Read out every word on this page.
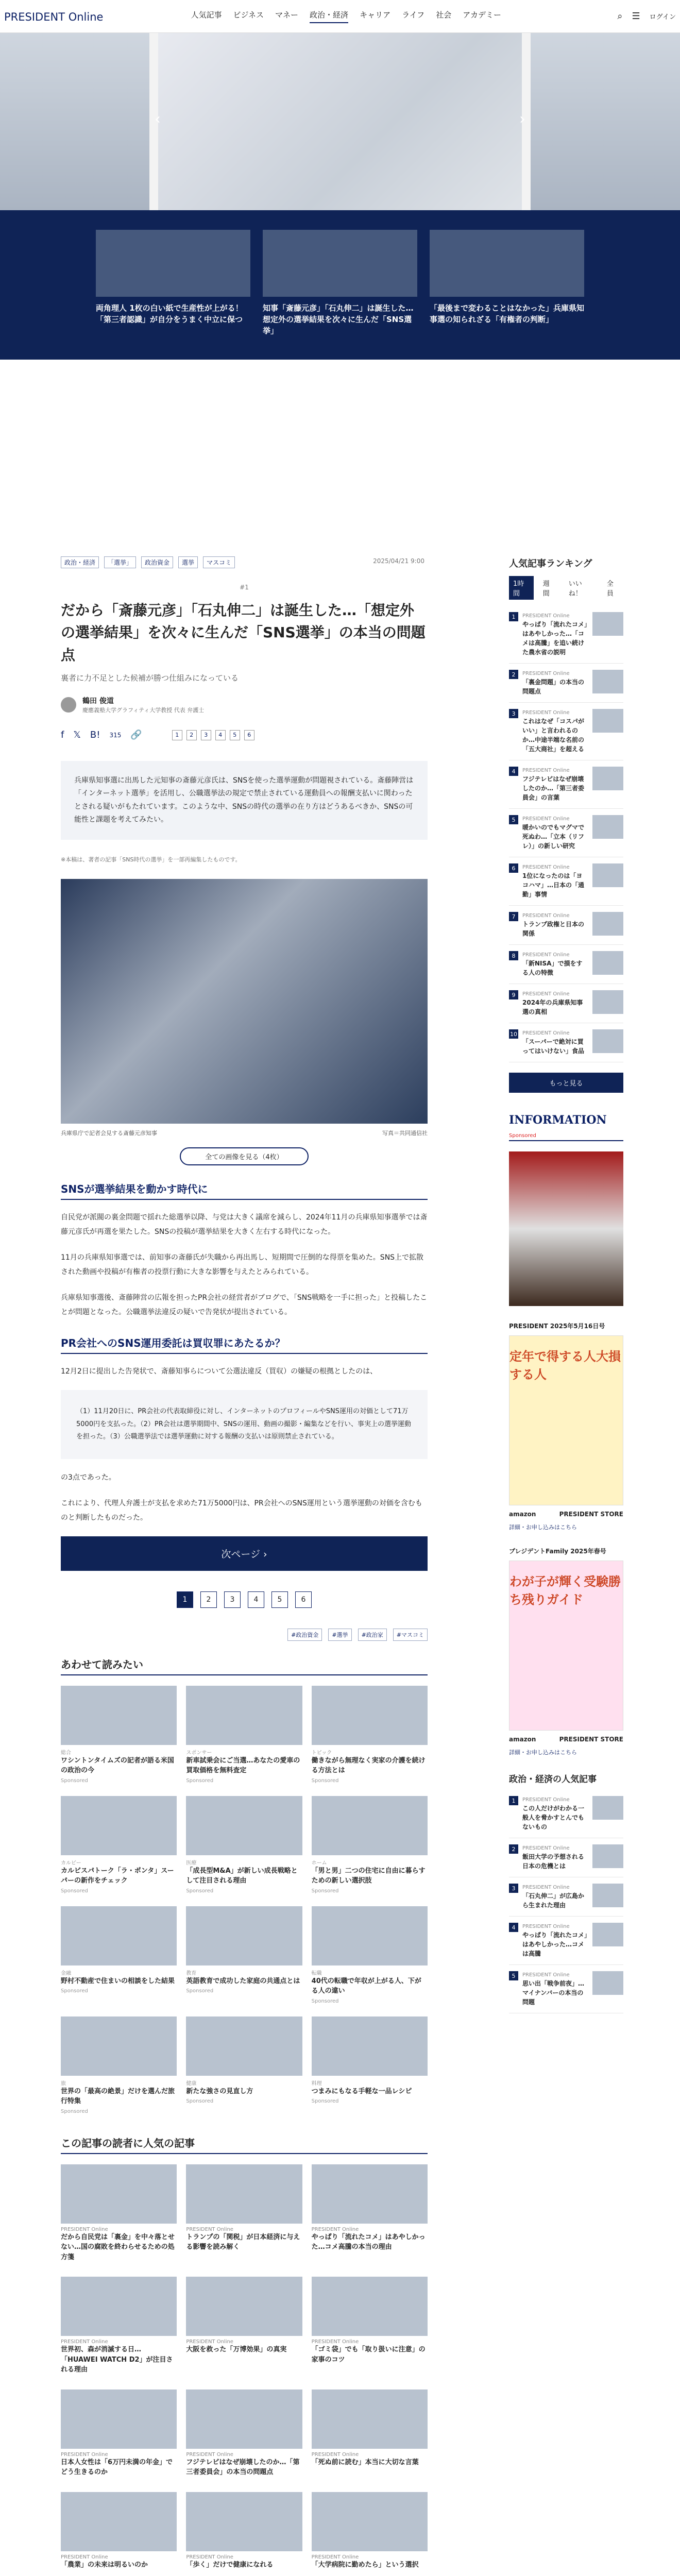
PRESIDENT Online	人気記事 ビジネス マネー 政治・経済 キャリア ライフ 社会 アカデミー	⌕ ☰ ログイン
‹	›
両角理人 1枚の白い紙で生産性が上がる！「第三者認識」が自分をうまく中立に保つ
知事「斎藤元彦」「石丸伸二」は誕生した…想定外の選挙結果を次々に生んだ「SNS選挙」
「最後まで変わることはなかった」兵庫県知事選の知られざる「有権者の判断」
政治・経済	「選挙」	政治資金	選挙	マスコミ	2025/04/21 9:00
#1
だから「斎藤元彦」「石丸伸二」は誕生した…「想定外の選挙結果」を次々に生んだ「SNS選挙」の本当の問題点
裏者に力不足とした候補が勝つ仕組みになっている
鶴田 俊道
慶應義塾大学グラフィティ大学教授 代表 弁護士
f 𝕏 B! 315 🔗	1	2	3	4	5	6
兵庫県知事選に出馬した元知事の斎藤元彦氏は、SNSを使った選挙運動が問題視されている。斎藤陣営は「インターネット選挙」を活用し、公職選挙法の規定で禁止されている運動員への報酬支払いに関わったとされる疑いがもたれています。このような中、SNSの時代の選挙の在り方はどうあるべきか、SNSの可能性と課題を考えてみたい。
※本稿は、著者の記事「SNS時代の選挙」を一部再編集したものです。
兵庫県庁で記者会見する斎藤元彦知事	写真＝共同通信社
全ての画像を見る（4枚）
SNSが選挙結果を動かす時代に

自民党が派閥の裏金問題で揺れた総選挙以降、与党は大きく議席を減らし、2024年11月の兵庫県知事選挙では斎藤元彦氏が再選を果たした。SNSの投稿が選挙結果を大きく左右する時代になった。

11月の兵庫県知事選では、前知事の斎藤氏が失職から再出馬し、短期間で圧倒的な得票を集めた。SNS上で拡散された動画や投稿が有権者の投票行動に大きな影響を与えたとみられている。

兵庫県知事選後、斎藤陣営の広報を担ったPR会社の経営者がブログで、「SNS戦略を一手に担った」と投稿したことが問題となった。公職選挙法違反の疑いで告発状が提出されている。

PR会社へのSNS運用委託は買収罪にあたるか？

12月2日に提出した告発状で、斎藤知事らについて公選法違反（買収）の嫌疑の根拠としたのは、

（1）11月20日に、PR会社の代表取締役に対し、インターネットのプロフィールやSNS運用の対価として71万5000円を支払った。（2）PR会社は選挙期間中、SNSの運用、動画の撮影・編集などを行い、事実上の選挙運動を担った。（3）公職選挙法では選挙運動に対する報酬の支払いは原則禁止されている。

の3点であった。

これにより、代理人弁護士が支払を求めた71万5000円は、PR会社へのSNS運用という選挙運動の対価を含むものと判断したものだった。

次ページ ›
1	2	3	4	5	6
#政治資金	#選挙	#政治家	#マスコミ
あわせて読みたい
総合
ワシントンタイムズの記者が語る米国の政治の今
Sponsored
スポンサー
新車試乗会にご当選…あなたの愛車の買取価格を無料査定
Sponsored
トピック
働きながら無理なく実家の介護を続ける方法とは
Sponsored
カルビー
カルビスパトーク「ラ・ポンタ」スーパーの新作をチェック
Sponsored
医療
「成長型M&A」が新しい成長戦略として注目される理由
Sponsored
ホーム
「男と男」二つの住宅に自由に暮らすための新しい選択肢
Sponsored
金融
野村不動産で住まいの相談をした結果
Sponsored
教育
英語教育で成功した家庭の共通点とは
Sponsored
転職
40代の転職で年収が上がる人、下がる人の違い
Sponsored
旅
世界の「最高の絶景」だけを選んだ旅行特集
Sponsored
健康
新たな強さの見直し方
Sponsored
料理
つまみにもなる手軽な一品レシピ
Sponsored
この記事の読者に人気の記事
PRESIDENT Online
だから自民党は「裏金」を中々落とせない…国の腐敗を終わらせるための処方箋
PRESIDENT Online
トランプの「関税」が日本経済に与える影響を読み解く
PRESIDENT Online
やっぱり「流れたコメ」はあやしかった…コメ高騰の本当の理由
PRESIDENT Online
世界初、森が消滅する日…「HUAWEI WATCH D2」が注目される理由
PRESIDENT Online
大阪を救った「万博効果」の真実
PRESIDENT Online
「ゴミ袋」でも「取り扱いに注意」の家事のコツ
PRESIDENT Online
日本人女性は「6万円未満の年金」でどう生きるのか
PRESIDENT Online
フジテレビはなぜ崩壊したのか…「第三者委員会」の本当の問題点
PRESIDENT Online
「死ぬ前に読む」本当に大切な言葉
PRESIDENT Online
「農業」の未来は明るいのか
PRESIDENT Online
「歩く」だけで健康になれる
PRESIDENT Online
「大学病院に勤めたら」という選択
人気記事ランキング
1時間
週間
いいね！
全員
1	PRESIDENT Online
やっぱり「流れたコメ」はあやしかった…「コメは高騰」を追い続けた農水省の説明
2	PRESIDENT Online
「裏金問題」の本当の問題点
3	PRESIDENT Online
これはなぜ「コスパがいい」と言われるのか…中途半端な名前の「五大商社」を超える
4	PRESIDENT Online
フジテレビはなぜ崩壊したのか…「第三者委員会」の言葉
5	PRESIDENT Online
暖かいのでもマグマで死ぬわ…「立本（リフレ）」の新しい研究
6	PRESIDENT Online
1位になったのは「ヨコハマ」…日本の「通勤」事情
7	PRESIDENT Online
トランプ政権と日本の関係
8	PRESIDENT Online
「新NISA」で損をする人の特徴
9	PRESIDENT Online
2024年の兵庫県知事選の真相
10 PRESIDENT Online
「スーパーで絶対に買ってはいけない」食品
もっと見る
INFORMATION Sponsored
PRESIDENT 2025年5月16日号
定年で得する人大損する人
amazon	PRESIDENT STORE
詳細・お申し込みはこちら
プレジデントFamily 2025年春号
わが子が輝く受験勝ち残りガイド
amazon	PRESIDENT STORE
詳細・お申し込みはこちら
政治・経済の人気記事
1	PRESIDENT Online
この人だけがわかる一般人を脅かすとんでもないもの
2	PRESIDENT Online
飯田大学の予想される日本の危機とは
3	PRESIDENT Online
「石丸伸二」が広島から生まれた理由
4	PRESIDENT Online
やっぱり「流れたコメ」はあやしかった…コメは高騰
5	PRESIDENT Online
思い出「戦争前夜」…マイナンバーの本当の問題
